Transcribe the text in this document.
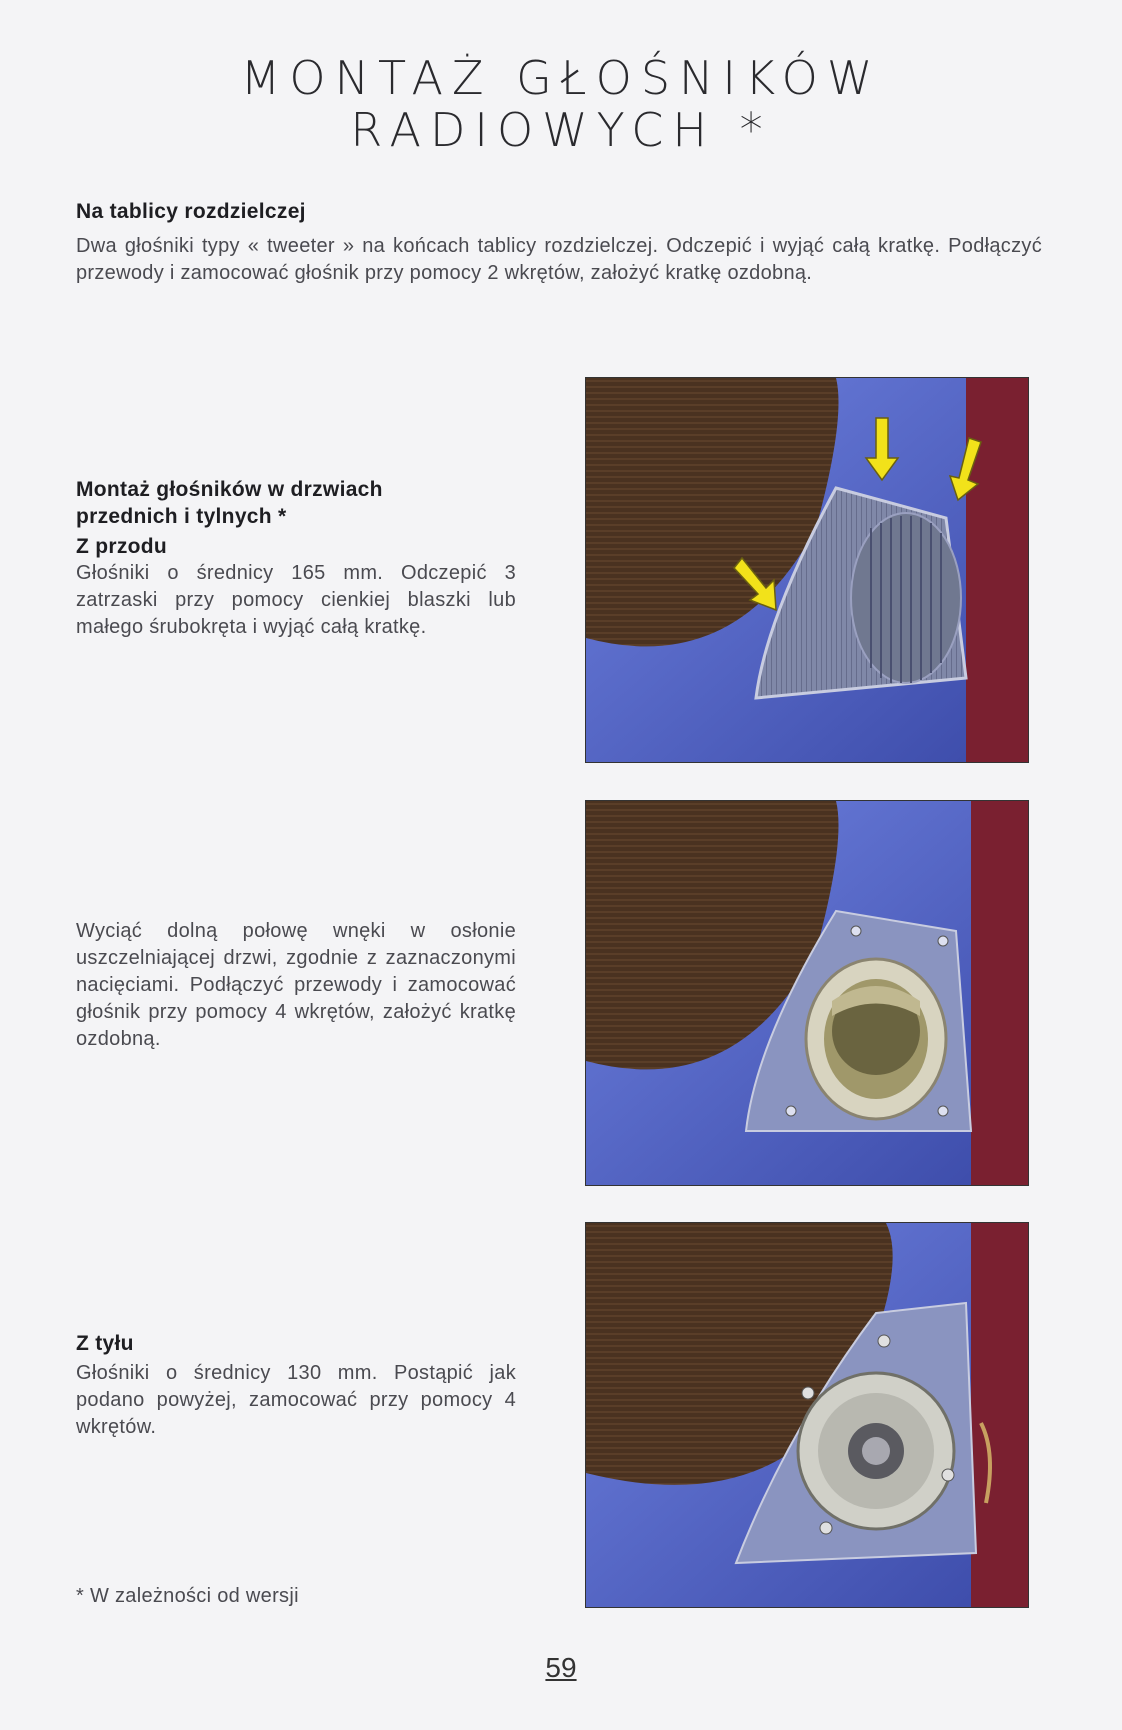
MONTAŻ GŁOŚNIKÓW
RADIOWYCH *
Na tablicy rozdzielczej
Dwa głośniki typy « tweeter » na końcach tablicy rozdzielczej. Odczepić i wyjąć całą kratkę. Podłączyć przewody i zamocować głośnik przy pomocy 2 wkrętów, założyć kratkę ozdobną.
Montaż głośników w drzwiach
przednich i tylnych *
Z przodu
Głośniki o średnicy 165 mm. Odczepić 3 zatrzaski przy pomocy cienkiej blaszki lub małego śrubokręta i wyjąć całą kratkę.
Wyciąć dolną połowę wnęki w osłonie uszczelniającej drzwi, zgodnie z zaznaczonymi nacięciami. Podłączyć przewody i zamocować głośnik przy pomocy 4 wkrętów, założyć kratkę ozdobną.
Z tyłu
Głośniki o średnicy 130 mm. Postąpić jak podano powyżej, zamocować przy pomocy 4 wkrętów.
* W zależności od wersji
59
